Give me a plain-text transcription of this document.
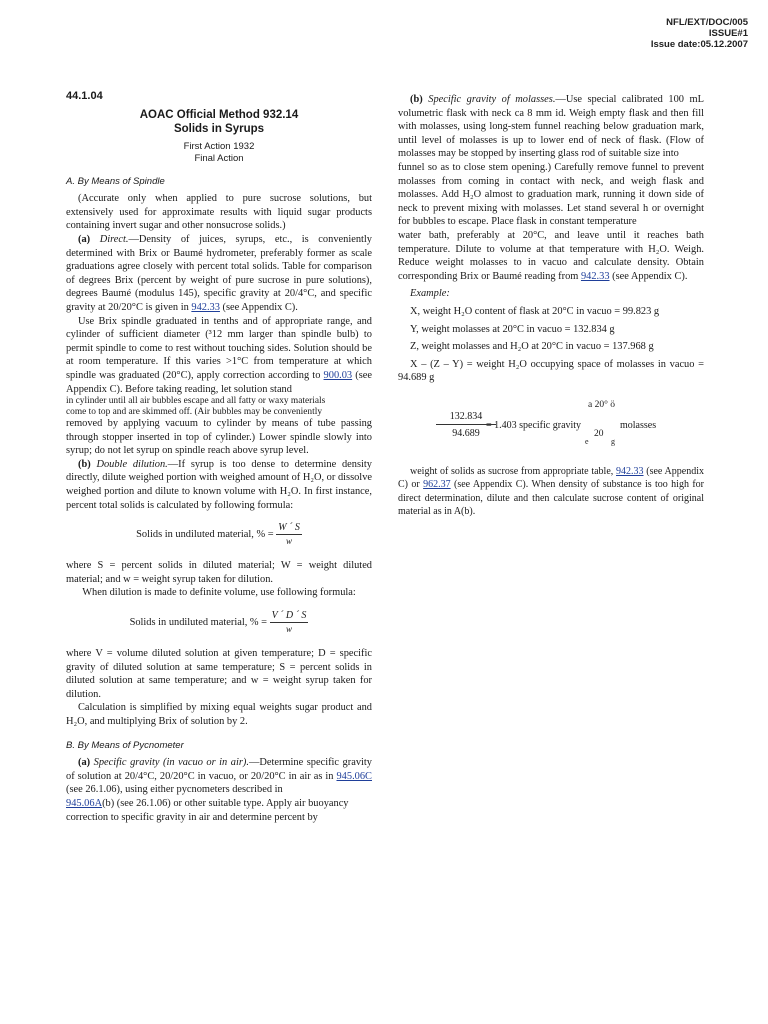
NFL/EXT/DOC/005
ISSUE#1
Issue date:05.12.2007
44.1.04
AOAC Official Method 932.14
Solids in Syrups
First Action 1932
Final Action
A. By Means of Spindle

(Accurate only when applied to pure sucrose solutions, but extensively used for approximate results with liquid sugar products containing invert sugar and other nonsucrose solids.)

(a) Direct.—Density of juices, syrups, etc., is conveniently determined with Brix or Baumé hydrometer, preferably former as scale graduations agree closely with percent total solids. Table for comparison of degrees Brix (percent by weight of pure sucrose in pure solutions), degrees Baumé (modulus 145), specific gravity at 20/4°C, and specific gravity at 20/20°C is given in 942.33 (see Appendix C).

Use Brix spindle graduated in tenths and of appropriate range, and cylinder of sufficient diameter (³12 mm larger than spindle bulb) to permit spindle to come to rest without touching sides. Solution should be at room temperature. If this varies >1°C from temperature at which spindle was graduated (20°C), apply correction according to 900.03 (see Appendix C). Before taking reading, let solution stand

in cylinder until all air bubbles escape and all fatty or waxy materials

come to top and are skimmed off. (Air bubbles may be conveniently

removed by applying vacuum to cylinder by means of tube passing through stopper inserted in top of cylinder.) Lower spindle slowly into syrup; do not let syrup on spindle reach above syrup level.

(b) Double dilution.—If syrup is too dense to determine density directly, dilute weighed portion with weighed amount of H₂O, or dissolve weighed portion and dilute to known volume with H₂O. In first instance, percent total solids is calculated by following formula:

Solids in undiluted material, % = $\frac{W ´ S}{w}$

where S = percent solids in diluted material; W = weight diluted material; and w = weight syrup taken for dilution.

When dilution is made to definite volume, use following formula:

Solids in undiluted material, % = $\frac{V ´ D ´ S}{w}$

where V = volume diluted solution at given temperature; D = specific gravity of diluted solution at same temperature; S = percent solids in diluted solution at same temperature; and w = weight syrup taken for dilution.

Calculation is simplified by mixing equal weights sugar product and H₂O, and multiplying Brix of solution by 2.

B. By Means of Pycnometer

(a) Specific gravity (in vacuo or in air).—Determine specific gravity of solution at 20/4°C, 20/20°C in vacuo, or 20/20°C in air as in 945.06C (see 26.1.06), using either pycnometers described in

945.06A(b) (see 26.1.06) or other suitable type. Apply air buoyancy

correction to specific gravity in air and determine percent by

(b) Specific gravity of molasses.—Use special calibrated 100 mL volumetric flask with neck ca 8 mm id. Weigh empty flask and then fill with molasses, using long-stem funnel reaching below graduation mark, until level of molasses is up to lower end of neck of flask. (Flow of molasses may be stopped by inserting glass rod of suitable size into

funnel so as to close stem opening.) Carefully remove funnel to prevent molasses from coming in contact with neck, and weigh flask and molasses. Add H₂O almost to graduation mark, running it down side of neck to prevent mixing with molasses. Let stand several h or overnight for bubbles to escape. Place flask in constant temperature

water bath, preferably at 20°C, and leave until it reaches bath temperature. Dilute to volume at that temperature with H₂O. Weigh. Reduce weight molasses to in vacuo and calculate density. Obtain corresponding Brix or Baumé reading from 942.33 (see Appendix C).

Example:

X, weight H₂O content of flask at 20°C in vacuo = 99.823 g

Y, weight molasses at 20°C in vacuo = 132.834 g

Z, weight molasses and H₂O at 20°C in vacuo = 137.968 g

X – (Z – Y) = weight H₂O occupying space of molasses in vacuo = 94.689 g

$\frac{132.834}{94.689}$
= 1.403 specific gravity
a 20° ö
20
e	g
molasses

weight of solids as sucrose from appropriate table, 942.33 (see Appendix C) or 962.37 (see Appendix C). When density of substance is too high for direct determination, dilute and then calculate sucrose content of original material as in A(b).
